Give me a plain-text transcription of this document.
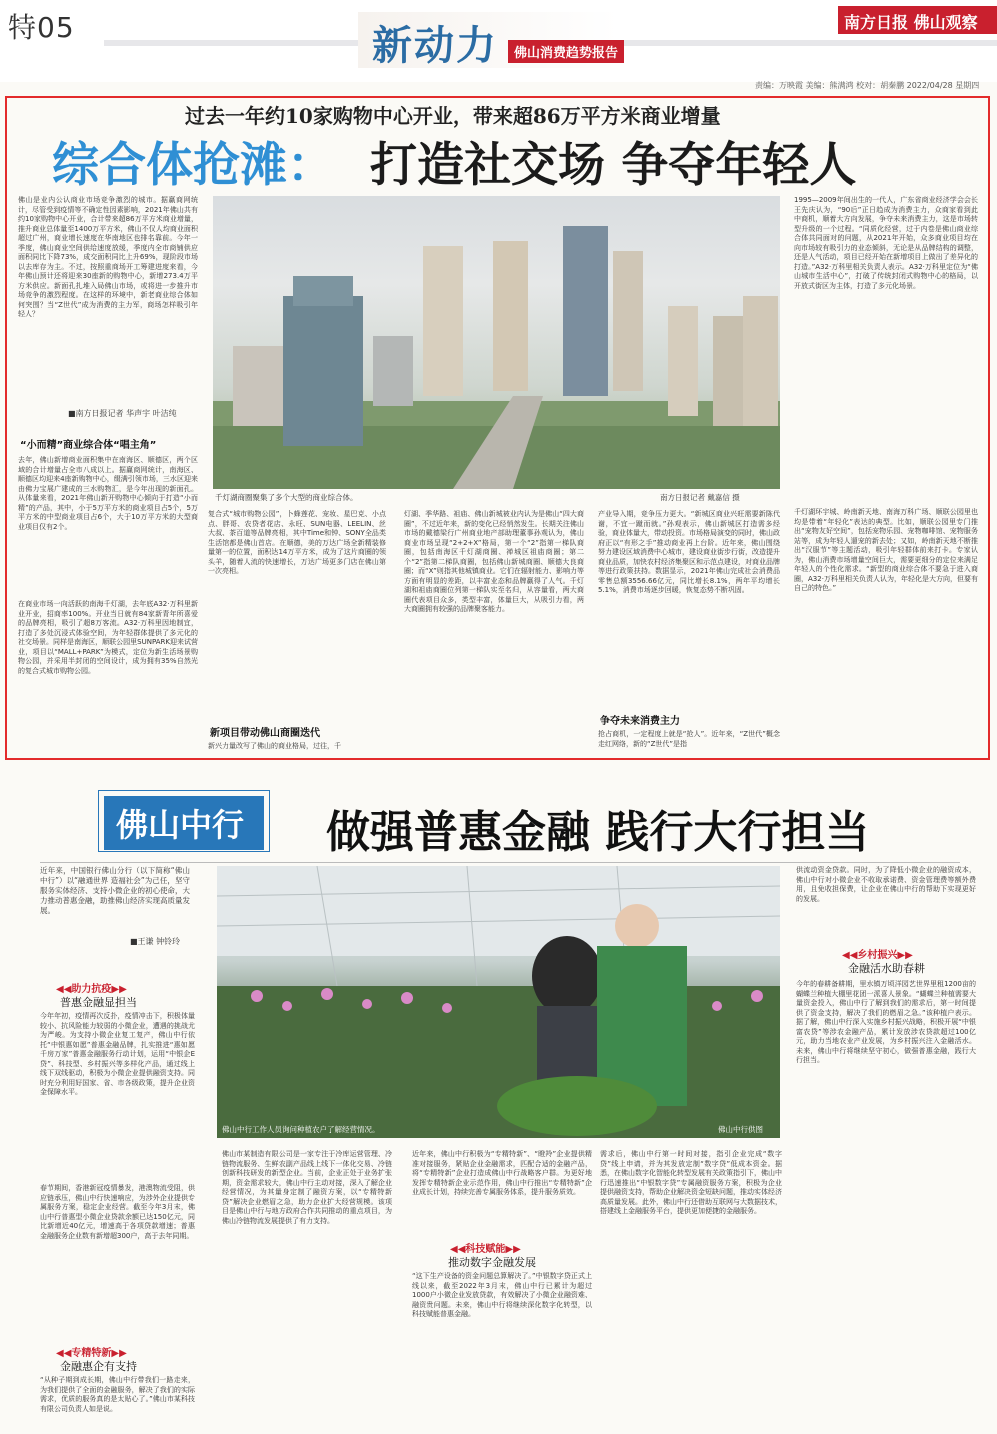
特05	新动力	佛山消费趋势报告
南方日报 佛山观察
责编：万映霞 美编：熊满鸿 校对：胡秦鹏 2022/04/28 星期四
过去一年约10家购物中心开业，带来超86万平方米商业增量
综合体抢滩： 打造社交场 争夺年轻人
佛山是业内公认商业市场竞争激烈的城市。据赢商网统计，尽管受到疫情等不确定性因素影响，2021年佛山共有约10家购物中心开业，合计带来超86万平方米商业增量，推升商业总体量至1400万平方米，佛山不仅人均商业面积超过广州，商业增长速度在华南地区也排名靠前。今年一季度，佛山商业空间供给速度放缓，季度内全市商铺供应面积同比下降73%，成交面积同比上升69%，现阶段市场以去库存为主。不过，按照重商场开工筹建进度来看，今年佛山预计还将迎来30座新的购物中心，新增273.4万平方米供应。新面孔扎堆入局佛山市场，或将进一步推升市场竞争的激烈程度。在这样的环境中，新老商业综合体如何突围？当“Z世代”成为消费的主力军，商场怎样吸引年轻人？
■南方日报记者 华声宇 叶洁纯
“小而精”商业综合体“唱主角”
去年，佛山新增商业面积集中在南海区、顺德区，两个区域的合计增量占全市八成以上。据赢商网统计，南海区、顺德区均迎来4座新购物中心，缀满引领市场，三水区迎来由佛力宝展广建成的三水购物汇，是今年出现的新面孔。从体量来看，2021年佛山新开购物中心倾向于打造“小而精”的产品，其中，小于5万平方米的商业项目占5个，5万平方米的中型商业项目占6个，大于10万平方米的大型商业项目仅有2个。
在商业市场一向活跃的南海千灯湖，去年底A32·万科里新业开业，招商率100%。开业当日就有84家新青年所喜爱的品牌亮相，吸引了超8万客流。A32·万科里因地制宜，打造了多处沉浸式体验空间，为年轻群体提供了多元化的社交场景。同样是南海区，顺联公园里SUNPARK迎来试营业，项目以“MALL+PARK”为模式，定位为新生活场景购物公园，并采用半封闭的空间设计，成为拥有35%自然光的复合式城市购物公园。
千灯湖商圈聚集了多个大型的商业综合体。	南方日报记者 戴嘉信 摄
复合式“城市购物公园”，卜蜂莲花、宠妆、星巴克、小点点、胖哥、农贷者花店、永旺、SUN电器、LEELIN、丝大叔、茶百道等品牌亮相，其中Time和钟、SONY全品类生活馆都是佛山首店。在顺德，美的万达广场全新精装修量第一的位置，面积达14万平方米，成为了这片商圈的领头羊，随着人流的快速增长，万达广场更多门店在佛山第一次亮相。
新项目带动佛山商圈迭代
新兴力量改写了佛山的商业格局，过往，千
灯湖、季华路、祖庙、佛山新城被业内认为是佛山“四大商圈”，不过近年来，新的变化已经悄然发生。长期关注佛山市场的戴德梁行广州商业地产部助理董事孙观认为，佛山商业市场呈现“2+2+X”格局，第一个“2”指第一梯队商圈，包括南海区千灯湖商圈、禅城区祖庙商圈；第二个“2”指第二梯队商圈，包括佛山新城商圈、顺德大良商圈；而“X”则指其他城镇商业。它们在辐射能力、影响力等方面有明显的差距，以丰富业态和品牌赢得了人气。千灯湖和祖庙商圈位列第一梯队实至名归，从容量看，两大商圈代表项目众多，类型丰富，体量巨大，从吸引力看，两大商圈拥有较强的品牌聚客能力。
产业导入期，竞争压力更大。“新城区商业兴旺需要新陈代谢，不宜一蹴而就。”孙观表示，佛山新城区打造需多经验，商业体量大，带动投资。市场格局演变的同时，佛山政府正以“有形之手”推动商业再上台阶。近年来，佛山围绕努力建设区域消费中心城市，建设商业街步行街，改造提升商业品质，加快农村经济集聚区和示范点建设，对商业品牌等进行政策扶持。数据显示，2021年佛山完成社会消费品零售总额3556.66亿元，同比增长8.1%，两年平均增长5.1%，消费市场逐步回暖，恢复态势不断巩固。
争夺未来消费主力
抢占商机，一定程度上就是“抢人”。近年来，“Z世代”概念走红网络，新的“Z世代”是指
1995—2009年间出生的一代人，广东省商业经济学会会长王先庆认为，“90后”正日趋成为消费主力，众商家看到此中商机，顺着大方向发展，争夺未来消费主力，这是市场转型升级的一个过程。“同质化经营，过于内卷是佛山商业综合体共同面对的问题，从2021年开始，众多商业项目均在向市场较有吸引力的业态倾斜，无论是从品牌结构的调整，还是人气活动，项目已经开始在新增项目上做出了差异化的打造。”A32·万科里相关负责人表示。A32·万科里定位为“佛山城市生活中心”，打破了传统封闭式购物中心的格局，以开放式街区为主体，打造了多元化场景。
千灯湖环宇城、岭南新天地、南海万科广场、顺联公园里也均是带着“年轻化”表达的典型。比如，顺联公园里专门推出“宠物友好空间”，包括宠物乐园、宠物咖啡馆、宠物服务站等，成为年轻人遛宠的新去处；又如，岭南新天地不断推出“汉服节”等主题活动，吸引年轻群体前来打卡。专家认为，佛山消费市场增量空间巨大，需要更细分的定位来满足年轻人的个性化需求。“新型的商业综合体不要急于进入商圈，A32·万科里相关负责人认为，年轻化是大方向，但要有自己的特色。”
佛山中行 做强普惠金融 践行大行担当
近年来，中国银行佛山分行（以下简称“佛山中行”）以“融通世界 造福社会”为己任，坚守服务实体经济、支持小微企业的初心使命，大力推动普惠金融，助推佛山经济实现高质量发展。
■王谦 钟铃玲
◀◀助力抗疫▶▶
普惠金融显担当
今年年初，疫情再次反扑，疫情冲击下，积极体量较小、抗风险能力较弱的小微企业，遭遇的挑战尤为严峻。为支持小微企业复工复产，佛山中行依托“中银惠如愿”普惠金融品牌，扎实推进“惠如愿 千房万家”普惠金融服务行动计划，运用“中银企E贷”、科技型、乡村振兴等多样化产品，通过线上线下双线驱动，积极为小微企业提供融资支持。同时充分利用好国家、省、市各级政策，提升企业资金保障水平。
春节期间，香港新冠疫情暴发，港澳物流受阻，供应链承压，佛山中行快速响应，为涉外企业提供专属服务方案，稳定企业经营。截至今年3月末，佛山中行普惠型小微企业贷款余额已达150亿元，同比新增近40亿元，增速高于各项贷款增速；普惠金融服务企业数有新增超300户，高于去年同期。
◀◀专精特新▶▶
金融惠企有支持
“从种子期到成长期，佛山中行带我们一路走来，为我们提供了全面的金融服务，解决了我们的实际需求，优质的服务真的是太贴心了。”佛山市某科技有限公司负责人如是说。
佛山中行工作人员询问种植农户了解经营情况。	佛山中行供图
佛山市某制造有限公司是一家专注于冷库运营管理、冷链物流服务、生鲜农副产品线上线下一体化交易、冷链创新科技研发的新型企业。当前，企业正处于业务扩张期，资金需求较大，佛山中行主动对接，深入了解企业经营情况，为其量身定制了融资方案，以“专精特新贷”解决企业燃眉之急，助力企业扩大经营规模。该项目是佛山中行与地方政府合作共同推动的重点项目，为佛山冷链物流发展提供了有力支持。
近年来，佛山中行积极为“专精特新”、“瞪羚”企业提供精准对接服务，紧贴企业金融需求，匹配合适的金融产品，将“专精特新”企业打造成佛山中行战略客户群。为更好地发挥专精特新企业示范作用，佛山中行推出“专精特新”企业成长计划，持续完善专属服务体系，提升服务质效。
◀◀科技赋能▶▶
推动数字金融发展
“这下生产设备的资金问题总算解决了。”中银数字贷正式上线以来，截至2022年3月末，佛山中行已累计为超过1000户小微企业发放贷款，有效解决了小微企业融资难、融资贵问题。未来，佛山中行将继续深化数字化转型，以科技赋能普惠金融。
需求后，佛山中行第一时间对接，指引企业完成“数字贷”线上申请，并为其发放定制“数字贷”低成本资金。据悉，在佛山数字化智能化转型发展有关政策指引下，佛山中行迅速推出“中银数字贷”专属融资服务方案，积极为企业提供融资支持，帮助企业解决资金短缺问题，推动实体经济高质量发展。此外，佛山中行还借助互联网与大数据技术，搭建线上金融服务平台，提供更加便捷的金融服务。
供流动资金贷款。同时，为了降低小微企业的融资成本，佛山中行对小微企业不收取承诺费、资金管理费等额外费用，且免收担保费，让企业在佛山中行的帮助下实现更好的发展。
◀◀乡村振兴▶▶
金融活水助春耕
今年的春耕备耕期，里水镇万顷洋园艺世界里租1200亩的蝴蝶兰种植大棚里花团一派喜人景象。“蝴蝶兰种植需要大量资金投入，佛山中行了解到我们的需求后，第一时间提供了资金支持，解决了我们的燃眉之急。”该种植户表示。据了解，佛山中行深入实施乡村振兴战略，积极开展“中银富农贷”等涉农金融产品，累计发放涉农贷款超过100亿元，助力当地农业产业发展，为乡村振兴注入金融活水。未来，佛山中行将继续坚守初心，做强普惠金融，践行大行担当。
